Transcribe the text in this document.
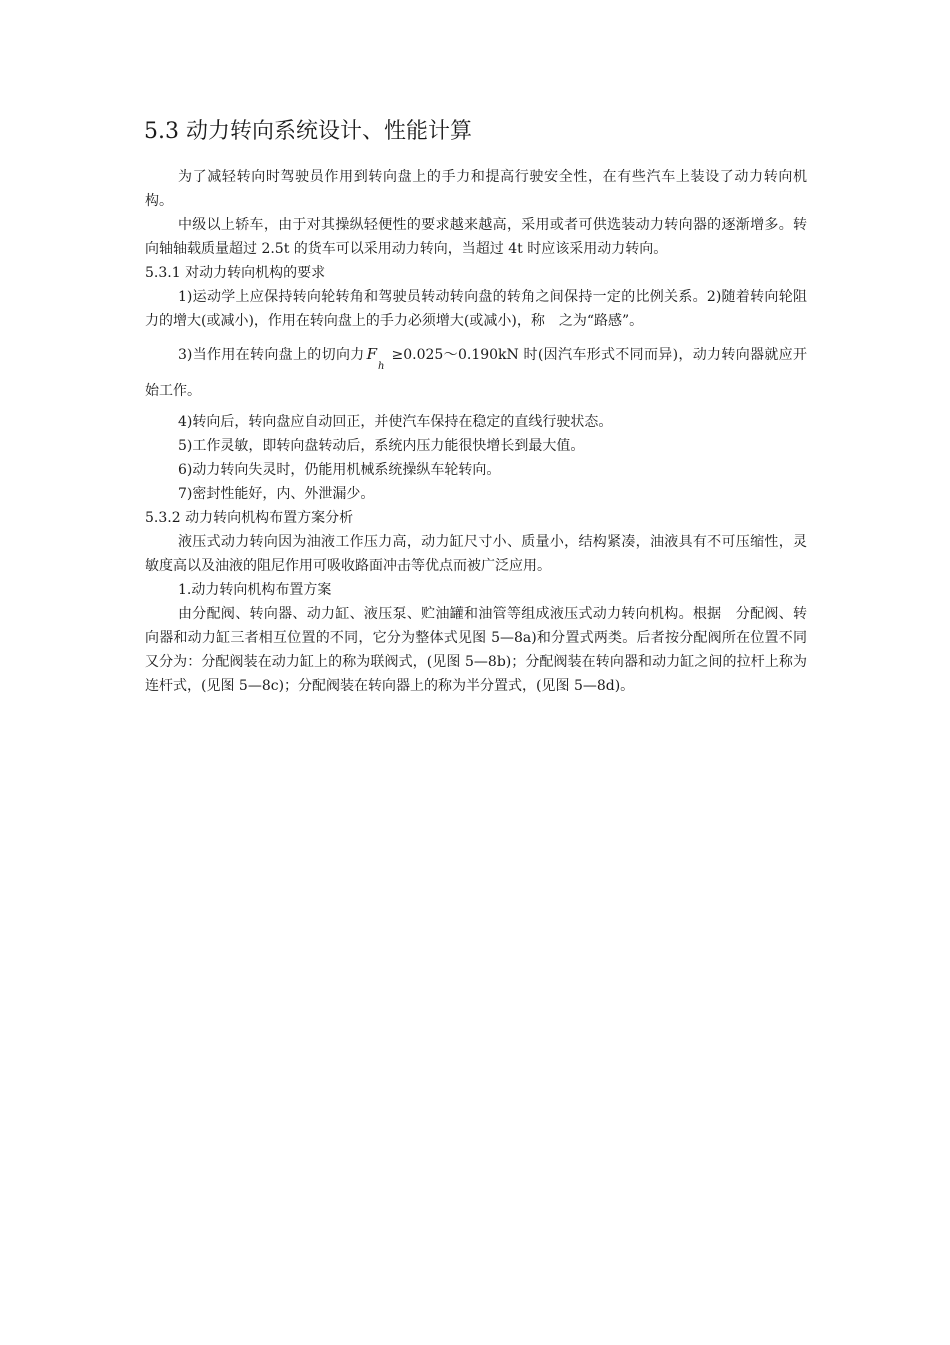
5.3 动力转向系统设计、性能计算

为了减轻转向时驾驶员作用到转向盘上的手力和提高行驶安全性，在有些汽车上装设了动力转向机构。

中级以上轿车，由于对其操纵轻便性的要求越来越高，采用或者可供选装动力转向器的逐渐增多。转向轴轴载质量超过 2.5t 的货车可以采用动力转向，当超过 4t 时应该采用动力转向。

5.3.1 对动力转向机构的要求

1)运动学上应保持转向轮转角和驾驶员转动转向盘的转角之间保持一定的比例关系。2)随着转向轮阻力的增大(或减小)，作用在转向盘上的手力必须增大(或减小)，称　之为“路感”。

3)当作用在转向盘上的切向力 $F_h\ge 0.025\sim 0.190kN$ 时(因汽车形式不同而异)，动力转向器就应开始工作。

4)转向后，转向盘应自动回正，并使汽车保持在稳定的直线行驶状态。

5)工作灵敏，即转向盘转动后，系统内压力能很快增长到最大值。

6)动力转向失灵时，仍能用机械系统操纵车轮转向。

7)密封性能好，内、外泄漏少。

5.3.2 动力转向机构布置方案分析

液压式动力转向因为油液工作压力高，动力缸尺寸小、质量小，结构紧凑，油液具有不可压缩性，灵敏度高以及油液的阻尼作用可吸收路面冲击等优点而被广泛应用。

1.动力转向机构布置方案

由分配阀、转向器、动力缸、液压泵、贮油罐和油管等组成液压式动力转向机构。根据　分配阀、转向器和动力缸三者相互位置的不同，它分为整体式见图 5—8a)和分置式两类。后者按分配阀所在位置不同又分为：分配阀装在动力缸上的称为联阀式，(见图 5—8b)；分配阀装在转向器和动力缸之间的拉杆上称为连杆式，(见图 5—8c)；分配阀装在转向器上的称为半分置式，(见图 5—8d)。
